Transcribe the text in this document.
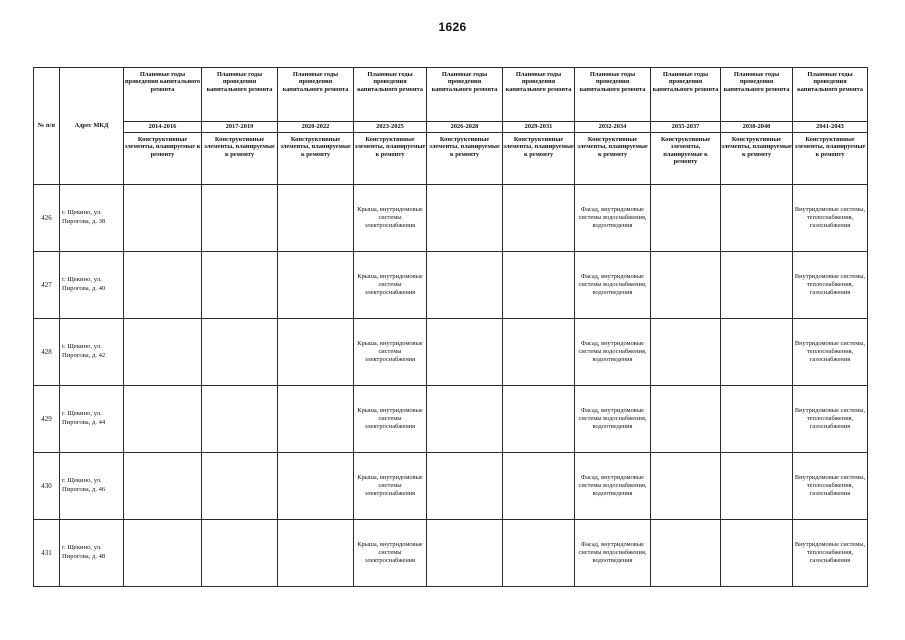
1626
№ п/п	Адрес МКД	Плановые годы проведения капитального ремонта	Плановые годы проведения капитального ремонта	Плановые годы проведения капитального ремонта	Плановые годы проведения капитального ремонта	Плановые годы проведения капитального ремонта	Плановые годы проведения капитального ремонта	Плановые годы проведения капитального ремонта	Плановые годы проведения капитального ремонта	Плановые годы проведения капитального ремонта	Плановые годы проведения капитального ремонта
		2014-2016	2017-2019	2020-2022	2023-2025	2026-2028	2029-2031	2032-2034	2035-2037	2038-2040	2041-2043
		Конструктивные элементы, планируемые к ремонту	Конструктивные элементы, планируемые к ремонту	Конструктивные элементы, планируемые к ремонту	Конструктивные элементы, планируемые к ремонту	Конструктивные элементы, планируемые к ремонту	Конструктивные элементы, планируемые к ремонту	Конструктивные элементы, планируемые к ремонту	Конструктивные элементы, планируемые к ремонту	Конструктивные элементы, планируемые к ремонту	Конструктивные элементы, планируемые к ремонту
426	г. Щекино, ул. Пирогова, д. 38				Крыша, внутридомовые системы электроснабжения			Фасад, внутридомовые системы водоснабжения, водоотведения			Внутридомовые системы, теплоснабжения, газоснабжения
427	г. Щекино, ул. Пирогова, д. 40				Крыша, внутридомовые системы электроснабжения			Фасад, внутридомовые системы водоснабжения, водоотведения			Внутридомовые системы, теплоснабжения, газоснабжения
428	г. Щекино, ул. Пирогова, д. 42				Крыша, внутридомовые системы электроснабжения			Фасад, внутридомовые системы водоснабжения, водоотведения			Внутридомовые системы, теплоснабжения, газоснабжения
429	г. Щекино, ул. Пирогова, д. 44				Крыша, внутридомовые системы электроснабжения			Фасад, внутридомовые системы водоснабжения, водоотведения			Внутридомовые системы, теплоснабжения, газоснабжения
430	г. Щекино, ул. Пирогова, д. 46				Крыша, внутридомовые системы электроснабжения			Фасад, внутридомовые системы водоснабжения, водоотведения			Внутридомовые системы, теплоснабжения, газоснабжения
431	г. Щекино, ул. Пирогова, д. 48				Крыша, внутридомовые системы электроснабжения			Фасад, внутридомовые системы водоснабжения, водоотведения			Внутридомовые системы, теплоснабжения, газоснабжения
